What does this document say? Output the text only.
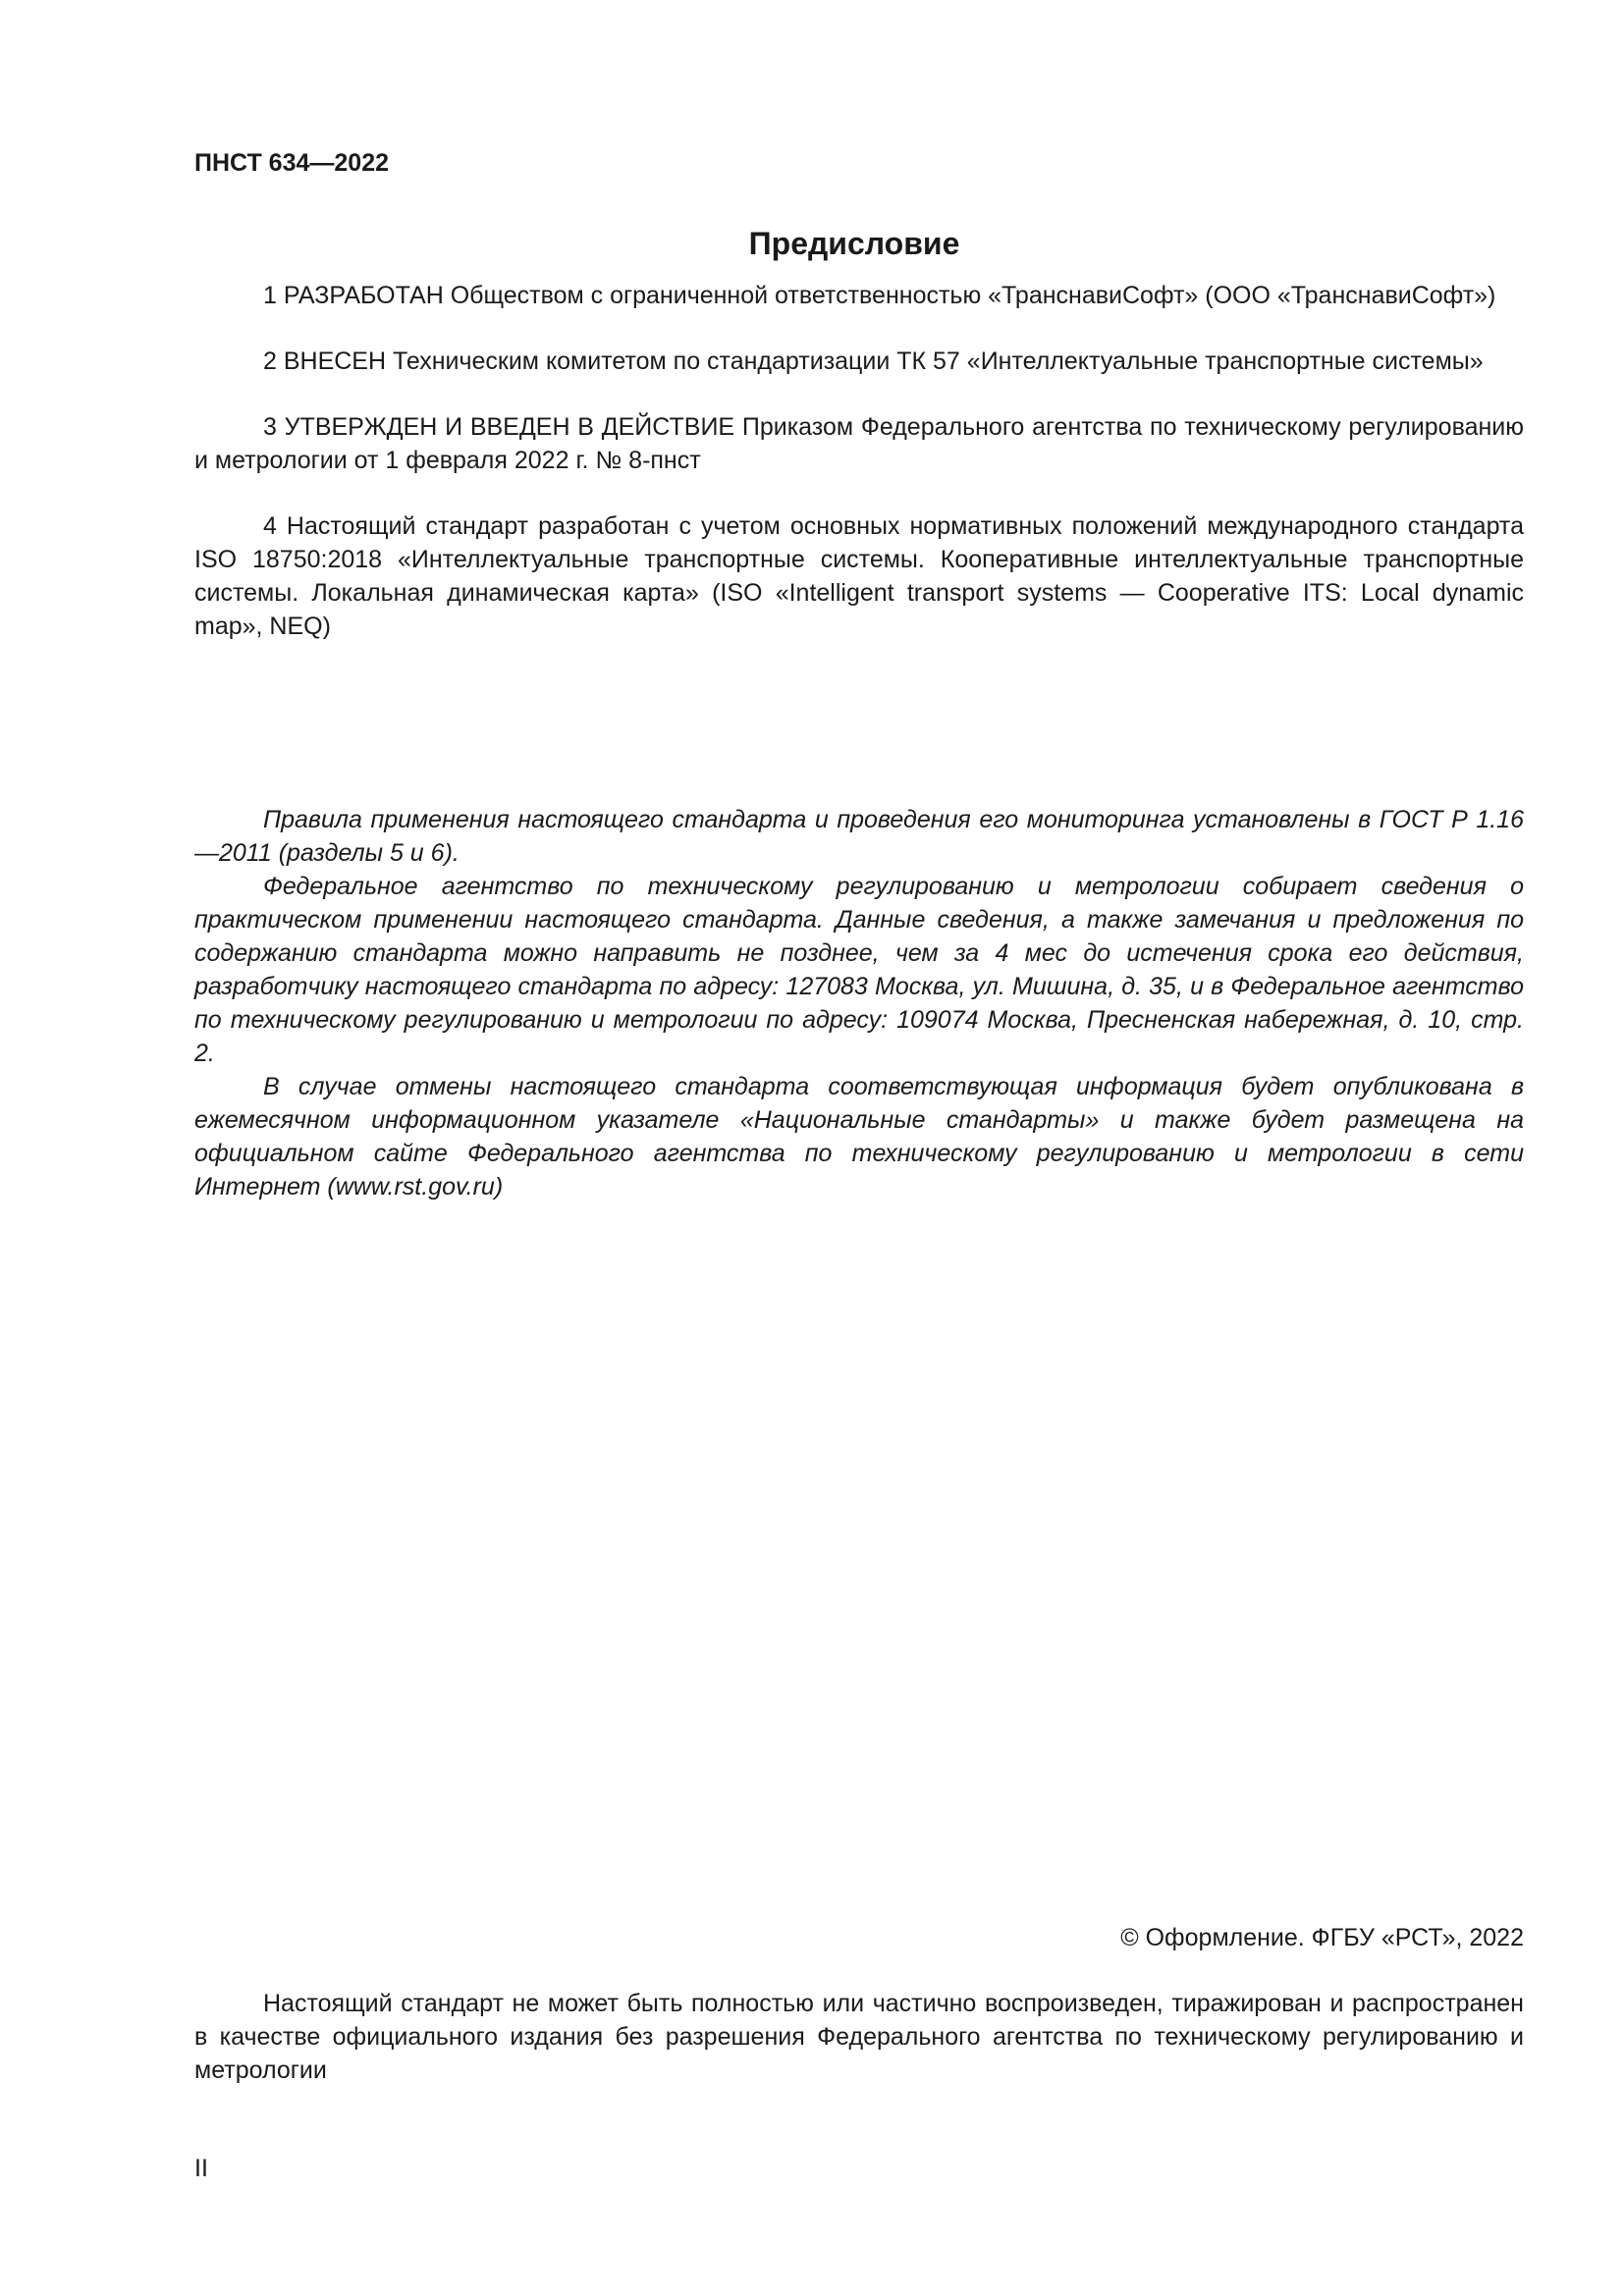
ПНСТ 634—2022
Предисловие

1 РАЗРАБОТАН Обществом с ограниченной ответственностью «ТранснавиСофт» (ООО «ТранснавиСофт»)

2 ВНЕСЕН Техническим комитетом по стандартизации ТК 57 «Интеллектуальные транспортные системы»

3 УТВЕРЖДЕН И ВВЕДЕН В ДЕЙСТВИЕ Приказом Федерального агентства по техническому регулированию и метрологии от 1 февраля 2022 г. № 8-пнст

4 Настоящий стандарт разработан с учетом основных нормативных положений международного стандарта ISO 18750:2018 «Интеллектуальные транспортные системы. Кооперативные интеллектуальные транспортные системы. Локальная динамическая карта» (ISO «Intelligent transport systems — Cooperative ITS: Local dynamic map», NEQ)

Правила применения настоящего стандарта и проведения его мониторинга установлены в ГОСТ Р 1.16—2011 (разделы 5 и 6).

Федеральное агентство по техническому регулированию и метрологии собирает сведения о практическом применении настоящего стандарта. Данные сведения, а также замечания и предложения по содержанию стандарта можно направить не позднее, чем за 4 мес до истечения срока его действия, разработчику настоящего стандарта по адресу: 127083 Москва, ул. Мишина, д. 35, и в Федеральное агентство по техническому регулированию и метрологии по адресу: 109074 Москва, Пресненская набережная, д. 10, стр. 2.

В случае отмены настоящего стандарта соответствующая информация будет опубликована в ежемесячном информационном указателе «Национальные стандарты» и также будет размещена на официальном сайте Федерального агентства по техническому регулированию и метрологии в сети Интернет (www.rst.gov.ru)

© Оформление. ФГБУ «РСТ», 2022

Настоящий стандарт не может быть полностью или частично воспроизведен, тиражирован и распространен в качестве официального издания без разрешения Федерального агентства по техническому регулированию и метрологии

II
